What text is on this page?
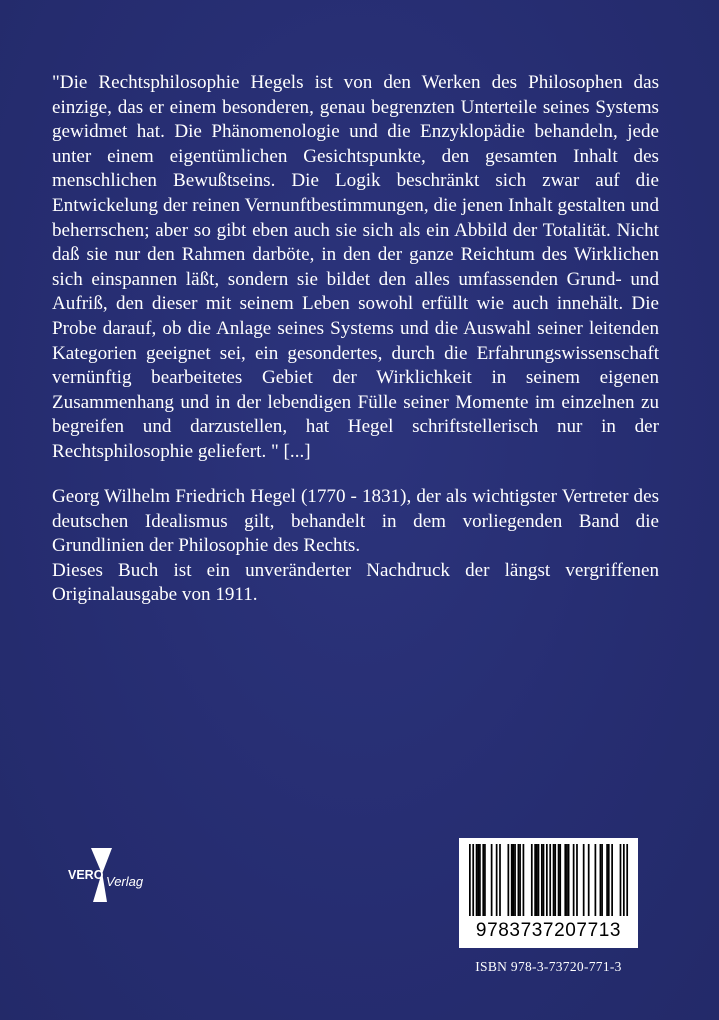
"Die Rechtsphilosophie Hegels ist von den Werken des Philosophen das einzige, das er einem besonderen, genau begrenzten Unterteile seines Systems gewidmet hat. Die Phänomenologie und die Enzyklopädie behandeln, jede unter einem eigentümlichen Gesichtspunkte, den gesamten Inhalt des menschlichen Bewußtseins. Die Logik beschränkt sich zwar auf die Entwickelung der reinen Vernunftbestimmungen, die jenen Inhalt gestalten und beherrschen; aber so gibt eben auch sie sich als ein Abbild der Totalität. Nicht daß sie nur den Rahmen darböte, in den der ganze Reichtum des Wirklichen sich einspannen läßt, sondern sie bildet den alles umfassenden Grund- und Aufriß, den dieser mit seinem Leben sowohl erfüllt wie auch innehält. Die Probe darauf, ob die Anlage seines Systems und die Auswahl seiner leitenden Kategorien geeignet sei, ein gesondertes, durch die Erfahrungswissenschaft vernünftig bearbeitetes Gebiet der Wirklichkeit in seinem eigenen Zusammenhang und in der lebendigen Fülle seiner Momente im einzelnen zu begreifen und darzustellen, hat Hegel schriftstellerisch nur in der Rechtsphilosophie geliefert. " [...]

Georg Wilhelm Friedrich Hegel (1770 - 1831), der als wichtigster Vertreter des deutschen Idealismus gilt, behandelt in dem vorliegenden Band die Grundlinien der Philosophie des Rechts.

Dieses Buch ist ein unveränderter Nachdruck der längst vergriffenen Originalausgabe von 1911.

VERO Verlag
9783737207713
ISBN 978-3-73720-771-3
